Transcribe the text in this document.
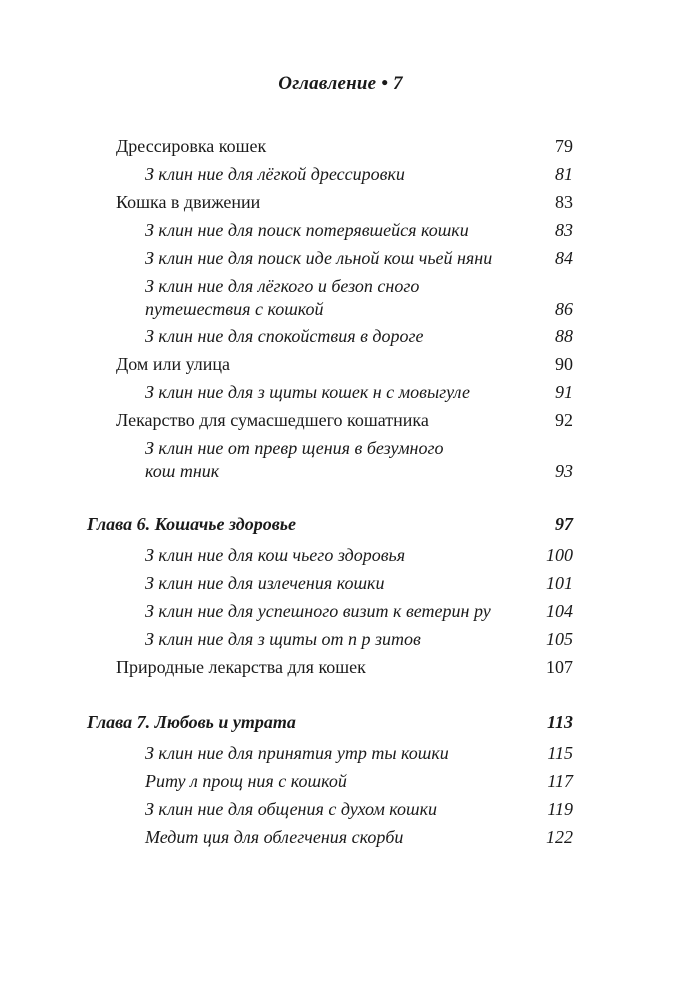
Оглавление • 7
Дрессировка кошек	79
З клин ние для лёгкой дрессировки	81
Кошка в движении	83
З клин ние для поиск потерявшейся кошки	83
З клин ние для поиск иде льной кош чьей няни	84
З клин ние для лёгкого и безоп сного
путешествия с кошкой	86
З клин ние для спокойствия в дороге	88
Дом или улица	90
З клин ние для з щиты кошек н с мовыгуле	91
Лекарство для сумасшедшего кошатника	92
З клин ние от превр щения в безумного
кош тник	93
Глава 6. Кошачье здоровье	97
З клин ние для кош чьего здоровья	100
З клин ние для излечения кошки	101
З клин ние для успешного визит к ветерин ру	104
З клин ние для з щиты от п р зитов	105
Природные лекарства для кошек	107
Глава 7. Любовь и утрата	113
З клин ние для принятия утр ты кошки	115
Риту л прощ ния с кошкой	117
З клин ние для общения с духом кошки	119
Медит ция для облегчения скорби	122
